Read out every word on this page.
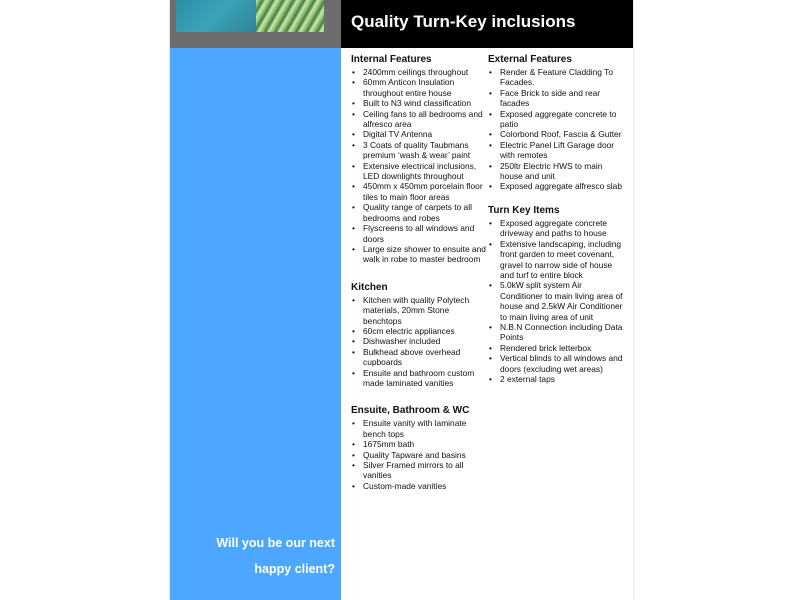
Will you be our next
happy client?
Quality Turn-Key inclusions
Internal Features
• 2400mm ceilings throughout
• 60mm Anticon Insulation throughout entire house
• Built to N3 wind classification
• Ceiling fans to all bedrooms and alfresco area
• Digital TV Antenna
• 3 Coats of quality Taubmans premium ‘wash & wear’ paint
• Extensive electrical inclusions, LED downlights throughout
• 450mm x 450mm porcelain floor tiles to main floor areas
• Quality range of carpets to all bedrooms and robes
• Flyscreens to all windows and doors
• Large size shower to ensuite and walk in robe to master bedroom
Kitchen
• Kitchen with quality Polytech materials, 20mm Stone benchtops
• 60cm electric appliances
• Dishwasher included
• Bulkhead above overhead cupboards
• Ensuite and bathroom custom made laminated vanities
Ensuite, Bathroom & WC
• Ensuite vanity with laminate bench tops
• 1675mm bath
• Quality Tapware and basins
• Silver Framed mirrors to all vanities
• Custom-made vanities
External Features
• Render & Feature Cladding To Facades.
• Face Brick to side and rear facades
• Exposed aggregate concrete to patio
• Colorbond Roof, Fascia & Gutter
• Electric Panel Lift Garage door with remotes
• 250ltr Electric HWS to main house and unit
• Exposed aggregate alfresco slab
Turn Key Items
• Exposed aggregate concrete driveway and paths to house
• Extensive landscaping, including front garden to meet covenant, gravel to narrow side of house and turf to entire block
• 5.0kW split system Air Conditioner to main living area of house and 2.5kW Air Conditioner to main living area of unit
• N.B.N Connection including Data Points
• Rendered brick letterbox
• Vertical blinds to all windows and doors (excluding wet areas)
• 2 external taps
